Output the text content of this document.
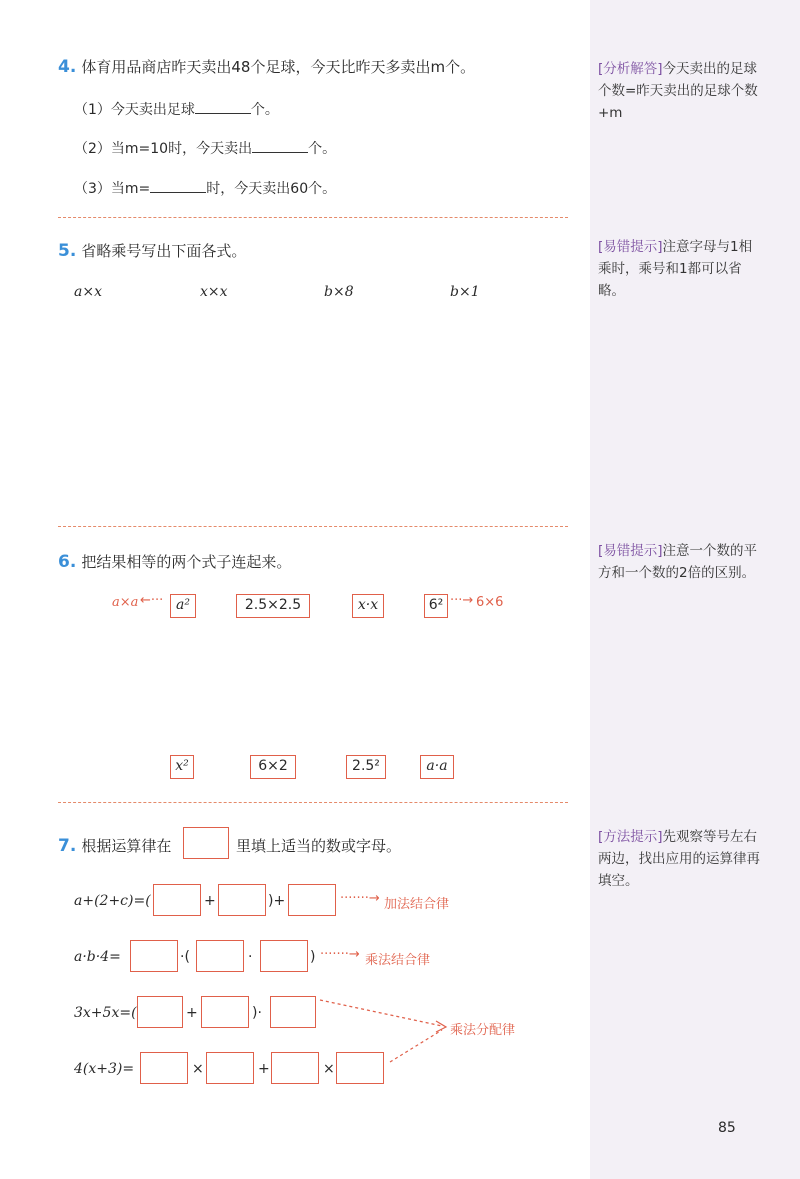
4. 体育用品商店昨天卖出48个足球，今天比昨天多卖出m个。
（1）今天卖出足球	个。
（2）当m=10时，今天卖出	个。
（3）当m=	时，今天卖出60个。
[分析解答]今天卖出的足球个数=昨天卖出的足球个数+m
5. 省略乘号写出下面各式。
a×x	x×x	b×8	b×1
[易错提示]注意字母与1相乘时，乘号和1都可以省略。
6. 把结果相等的两个式子连起来。
a×a ←··· a²	2.5×2.5	x·x	6² ···→ 6×6
x²	6×2	2.5²	a·a
[易错提示]注意一个数的平方和一个数的2倍的区别。
7. 根据运算律在	里填上适当的数或字母。
a+(2+c)=(	+	)+	·······→ 加法结合律
a·b·4=	·(	·	) ·······→ 乘法结合律
3x+5x=(	+	)·
4(x+3)=	×	+	×
乘法分配律
[方法提示]先观察等号左右两边，找出应用的运算律再填空。
85
